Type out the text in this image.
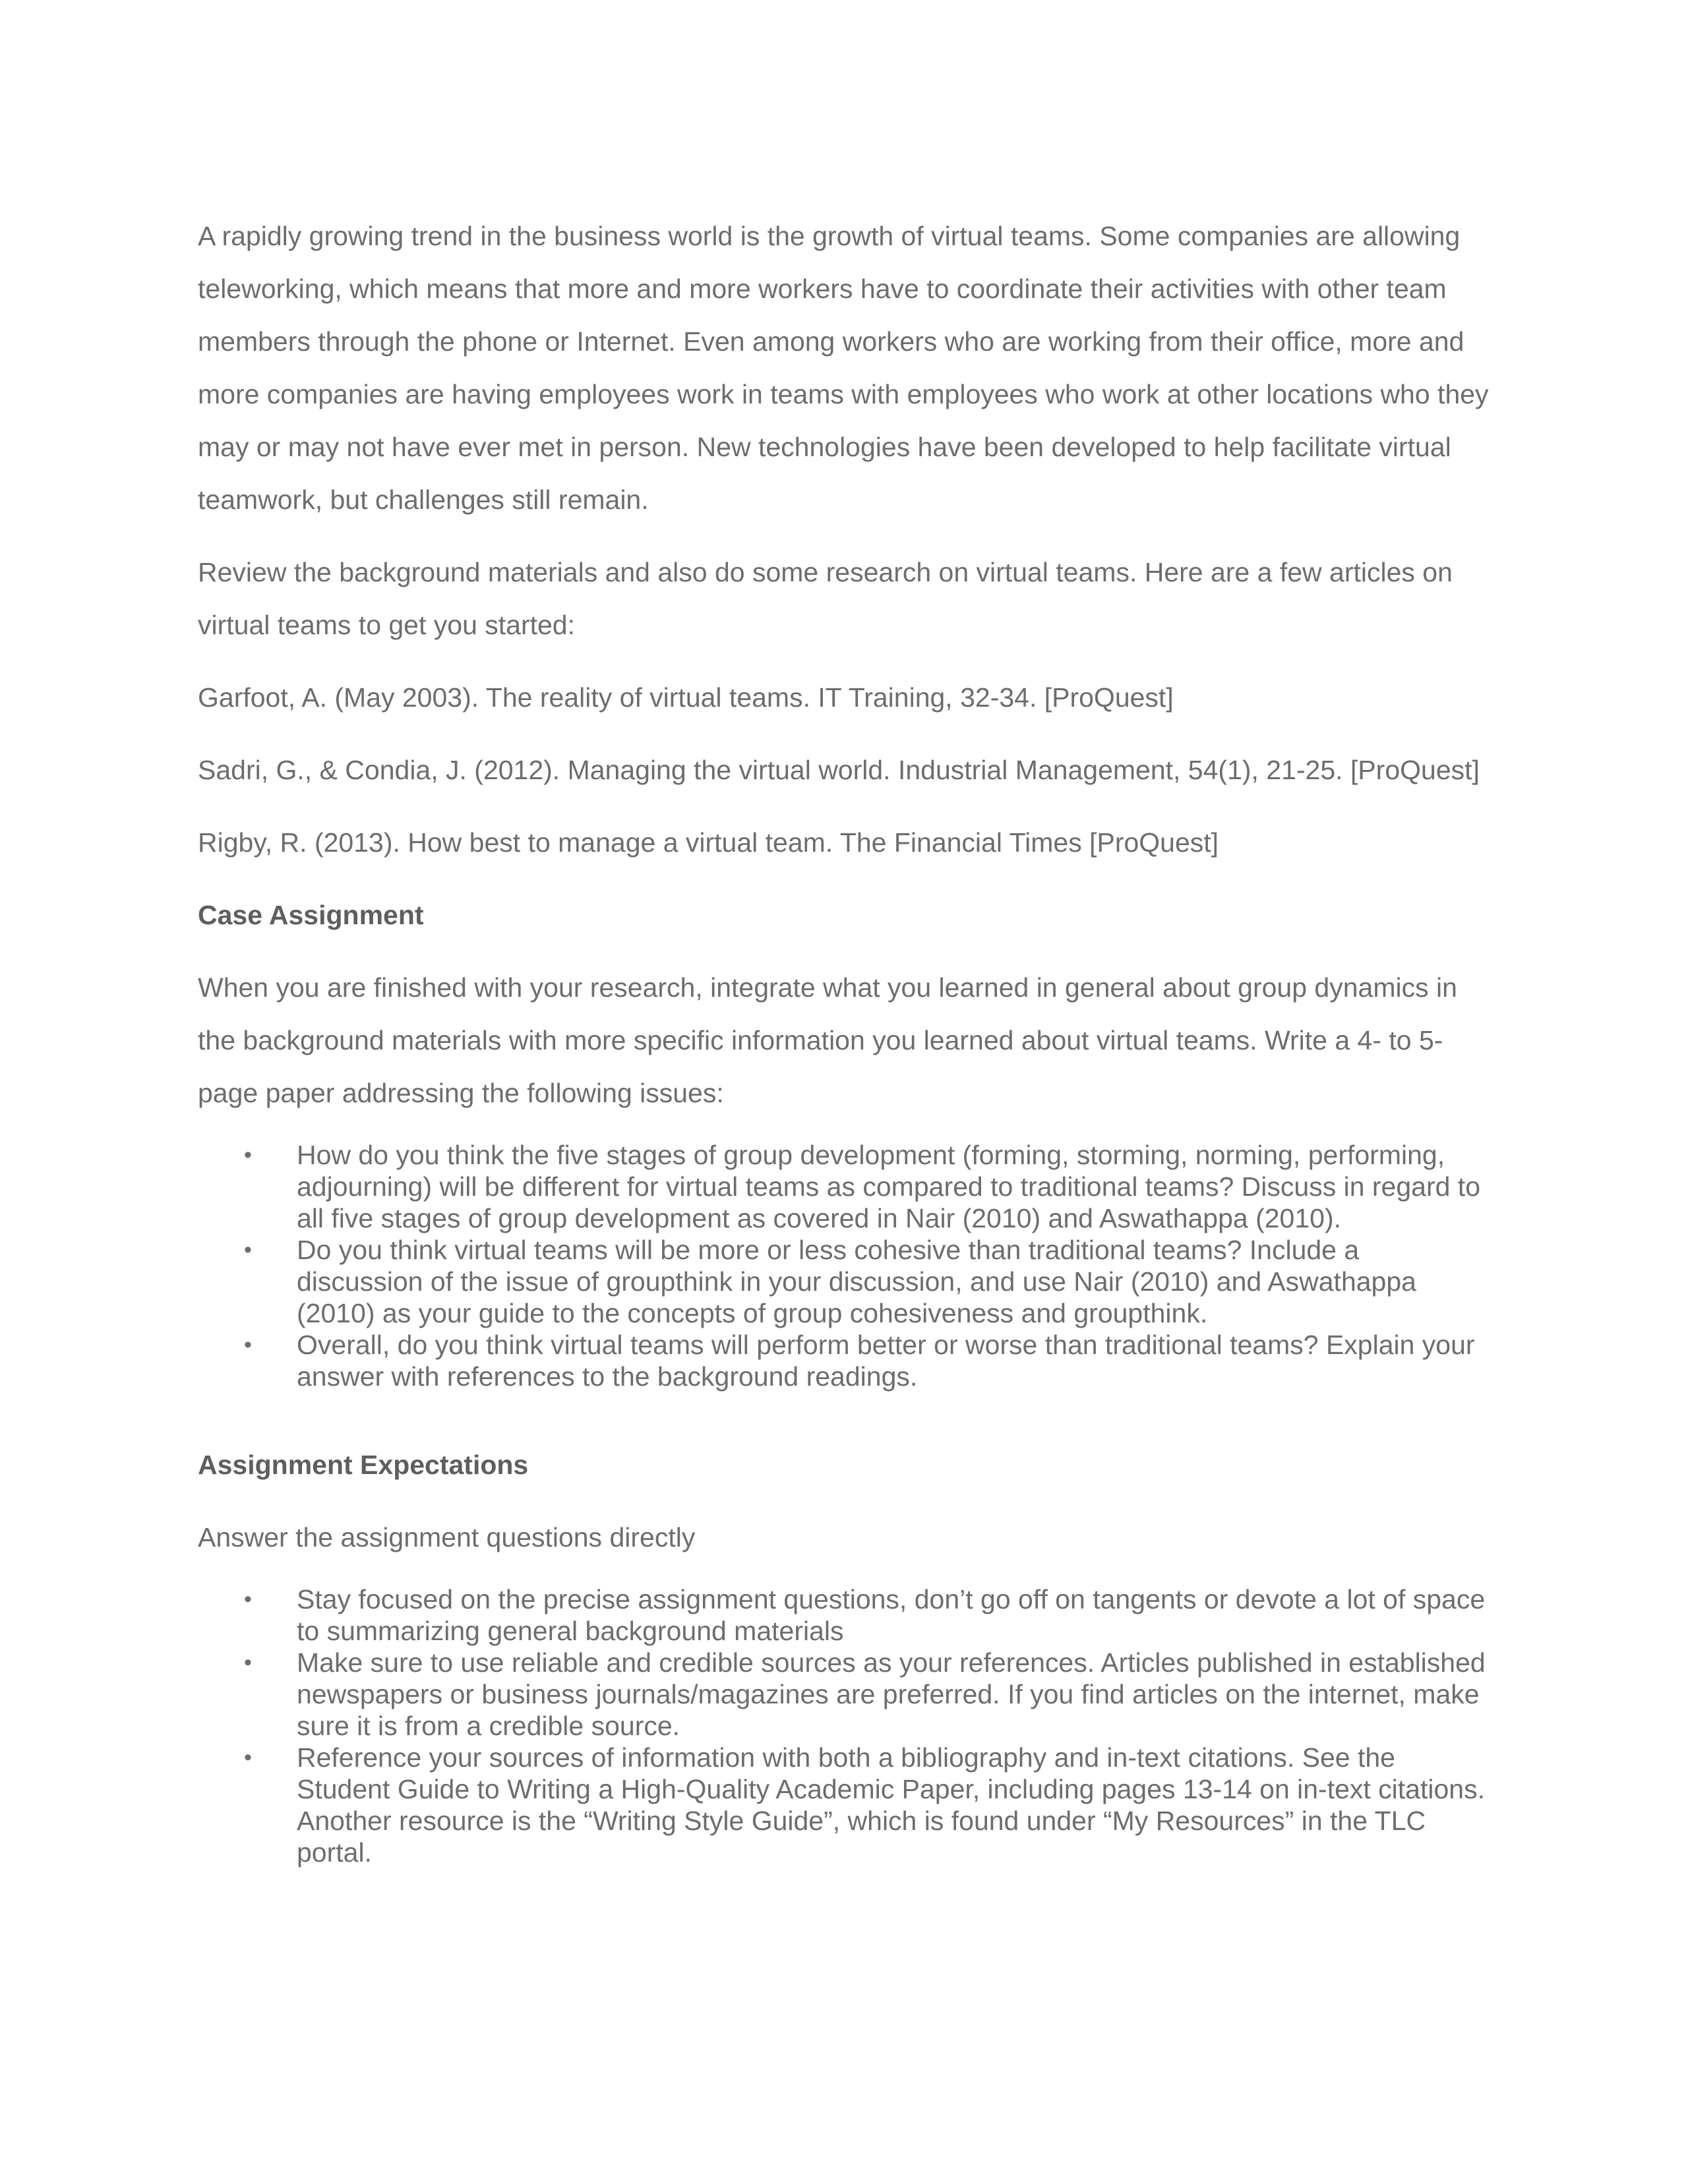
A rapidly growing trend in the business world is the growth of virtual teams. Some companies are allowing teleworking, which means that more and more workers have to coordinate their activities with other team members through the phone or Internet. Even among workers who are working from their office, more and more companies are having employees work in teams with employees who work at other locations who they may or may not have ever met in person. New technologies have been developed to help facilitate virtual teamwork, but challenges still remain.

Review the background materials and also do some research on virtual teams. Here are a few articles on virtual teams to get you started:

Garfoot, A. (May 2003). The reality of virtual teams. IT Training, 32-34. [ProQuest]

Sadri, G., & Condia, J. (2012). Managing the virtual world. Industrial Management, 54(1), 21-25. [ProQuest]

Rigby, R. (2013). How best to manage a virtual team. The Financial Times [ProQuest]

Case Assignment

When you are finished with your research, integrate what you learned in general about group dynamics in the background materials with more specific information you learned about virtual teams. Write a 4- to 5-page paper addressing the following issues:

• How do you think the five stages of group development (forming, storming, norming, performing, adjourning) will be different for virtual teams as compared to traditional teams? Discuss in regard to all five stages of group development as covered in Nair (2010) and Aswathappa (2010).
• Do you think virtual teams will be more or less cohesive than traditional teams? Include a discussion of the issue of groupthink in your discussion, and use Nair (2010) and Aswathappa (2010) as your guide to the concepts of group cohesiveness and groupthink.
• Overall, do you think virtual teams will perform better or worse than traditional teams? Explain your answer with references to the background readings.

Assignment Expectations

Answer the assignment questions directly

• Stay focused on the precise assignment questions, don’t go off on tangents or devote a lot of space to summarizing general background materials
• Make sure to use reliable and credible sources as your references. Articles published in established newspapers or business journals/magazines are preferred. If you find articles on the internet, make sure it is from a credible source.
• Reference your sources of information with both a bibliography and in-text citations. See the Student Guide to Writing a High-Quality Academic Paper, including pages 13-14 on in-text citations. Another resource is the “Writing Style Guide”, which is found under “My Resources” in the TLC portal.
